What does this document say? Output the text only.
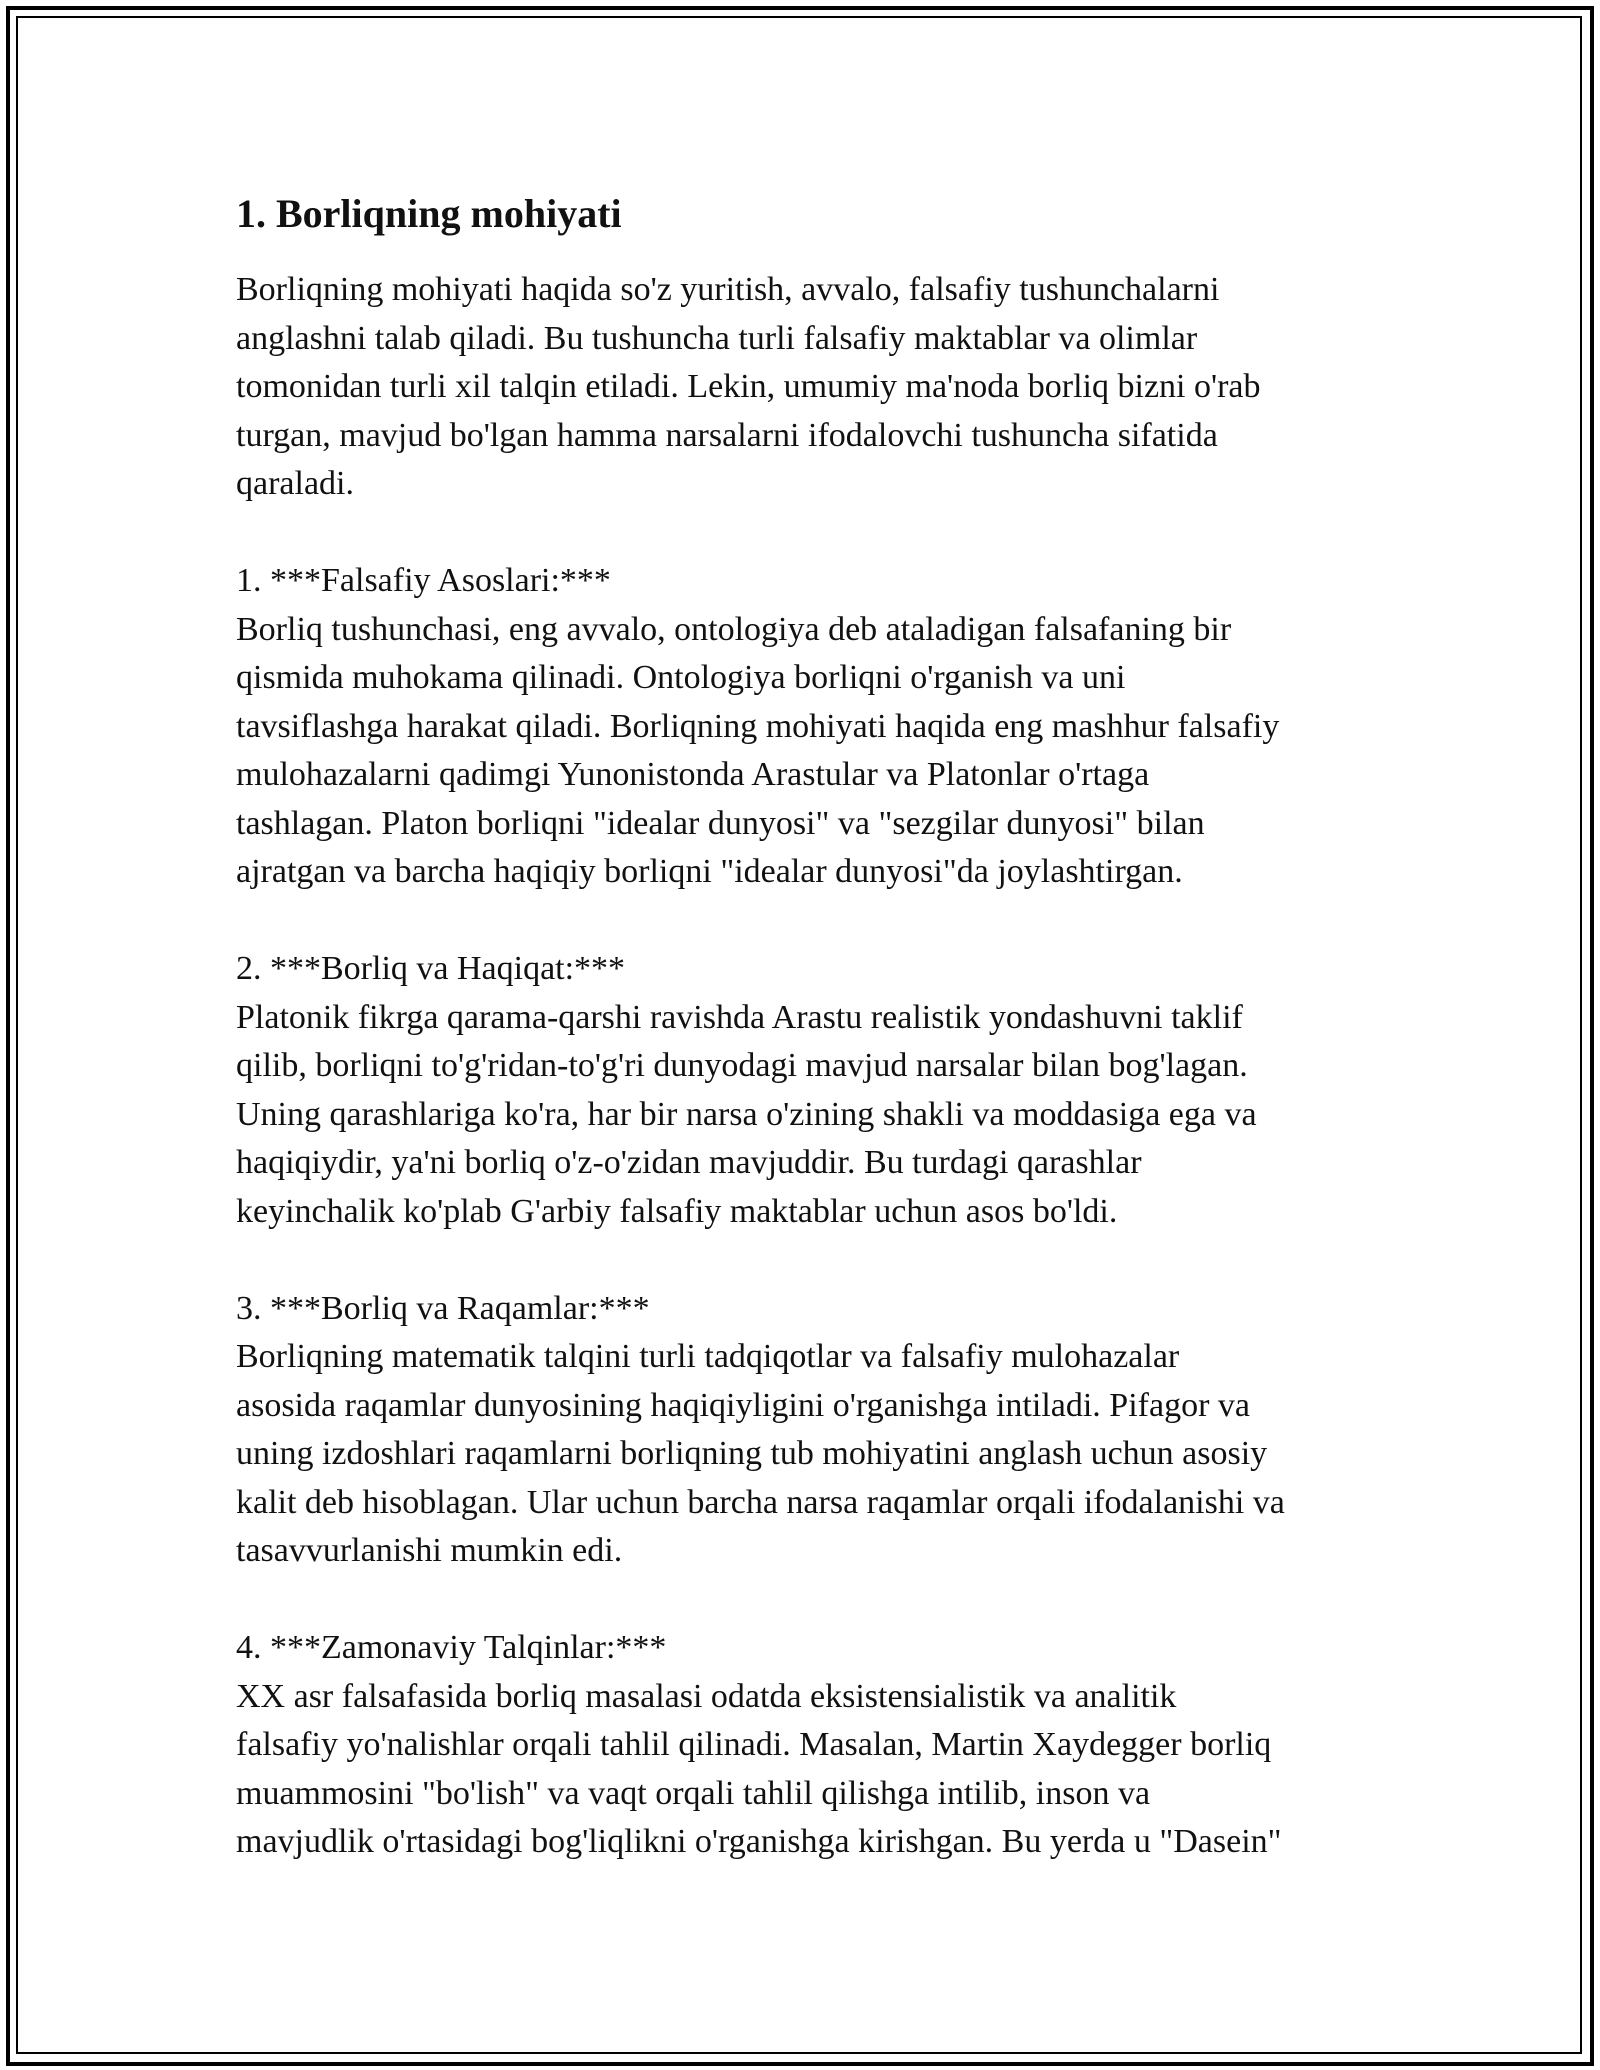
1. Borliqning mohiyati

Borliqning mohiyati haqida so'z yuritish, avvalo, falsafiy tushunchalarni
anglashni talab qiladi. Bu tushuncha turli falsafiy maktablar va olimlar
tomonidan turli xil talqin etiladi. Lekin, umumiy ma'noda borliq bizni o'rab
turgan, mavjud bo'lgan hamma narsalarni ifodalovchi tushuncha sifatida
qaraladi.

1. ***Falsafiy Asoslari:***

Borliq tushunchasi, eng avvalo, ontologiya deb ataladigan falsafaning bir
qismida muhokama qilinadi. Ontologiya borliqni o'rganish va uni
tavsiflashga harakat qiladi. Borliqning mohiyati haqida eng mashhur falsafiy
mulohazalarni qadimgi Yunonistonda Arastular va Platonlar o'rtaga
tashlagan. Platon borliqni "idealar dunyosi" va "sezgilar dunyosi" bilan
ajratgan va barcha haqiqiy borliqni "idealar dunyosi"da joylashtirgan.

2. ***Borliq va Haqiqat:***

Platonik fikrga qarama-qarshi ravishda Arastu realistik yondashuvni taklif
qilib, borliqni to'g'ridan-to'g'ri dunyodagi mavjud narsalar bilan bog'lagan.
Uning qarashlariga ko'ra, har bir narsa o'zining shakli va moddasiga ega va
haqiqiydir, ya'ni borliq o'z-o'zidan mavjuddir. Bu turdagi qarashlar
keyinchalik ko'plab G'arbiy falsafiy maktablar uchun asos bo'ldi.

3. ***Borliq va Raqamlar:***

Borliqning matematik talqini turli tadqiqotlar va falsafiy mulohazalar
asosida raqamlar dunyosining haqiqiyligini o'rganishga intiladi. Pifagor va
uning izdoshlari raqamlarni borliqning tub mohiyatini anglash uchun asosiy
kalit deb hisoblagan. Ular uchun barcha narsa raqamlar orqali ifodalanishi va
tasavvurlanishi mumkin edi.

4. ***Zamonaviy Talqinlar:***

XX asr falsafasida borliq masalasi odatda eksistensialistik va analitik
falsafiy yo'nalishlar orqali tahlil qilinadi. Masalan, Martin Xaydegger borliq
muammosini "bo'lish" va vaqt orqali tahlil qilishga intilib, inson va
mavjudlik o'rtasidagi bog'liqlikni o'rganishga kirishgan. Bu yerda u "Dasein"
